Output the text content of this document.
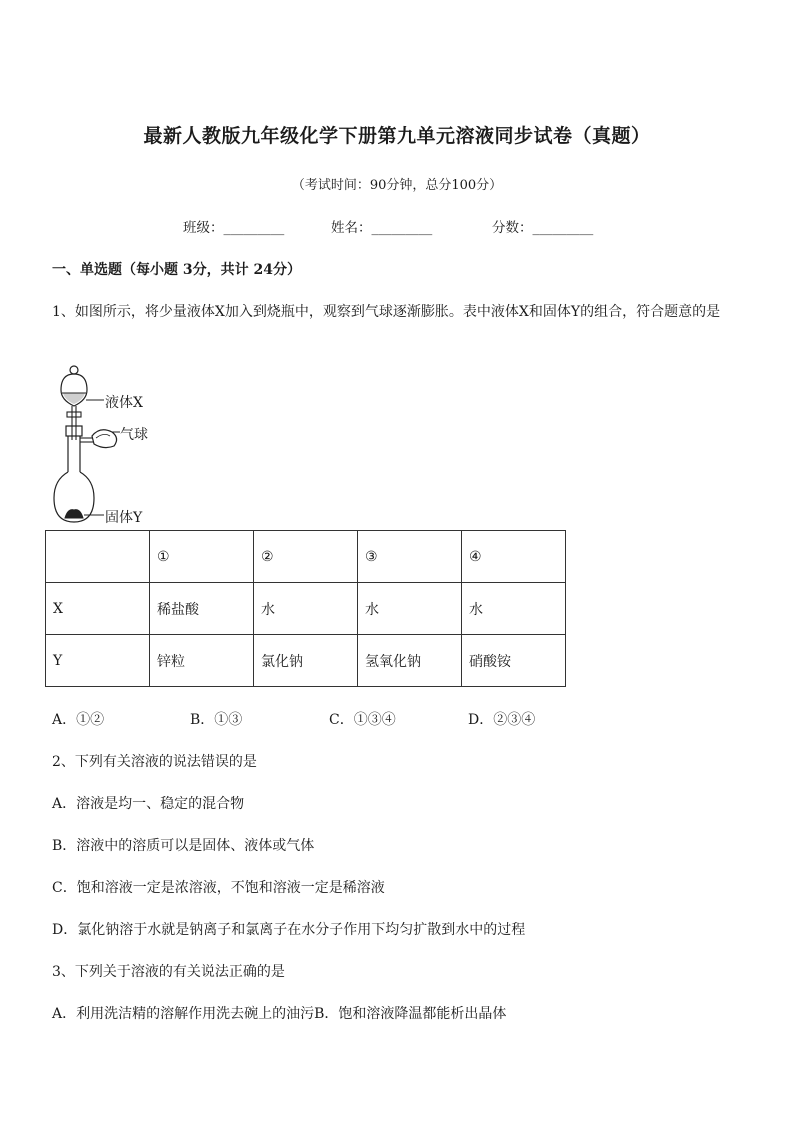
最新人教版九年级化学下册第九单元溶液同步试卷（真题）
（考试时间：90分钟，总分100分）
班级：_________	姓名：_________	分数：_________
一、单选题（每小题 3分，共计 24分）
1、如图所示，将少量液体X加入到烧瓶中，观察到气球逐渐膨胀。表中液体X和固体Y的组合，符合题意的是
液体X
气球
固体Y
	①	②	③	④
X	稀盐酸	水	水	水
Y	锌粒	氯化钠	氢氧化钠	硝酸铵
A．①②	B．①③	C．①③④	D．②③④
2、下列有关溶液的说法错误的是
A．溶液是均一、稳定的混合物
B．溶液中的溶质可以是固体、液体或气体
C．饱和溶液一定是浓溶液，不饱和溶液一定是稀溶液
D．氯化钠溶于水就是钠离子和氯离子在水分子作用下均匀扩散到水中的过程
3、下列关于溶液的有关说法正确的是
A．利用洗洁精的溶解作用洗去碗上的油污B．饱和溶液降温都能析出晶体
